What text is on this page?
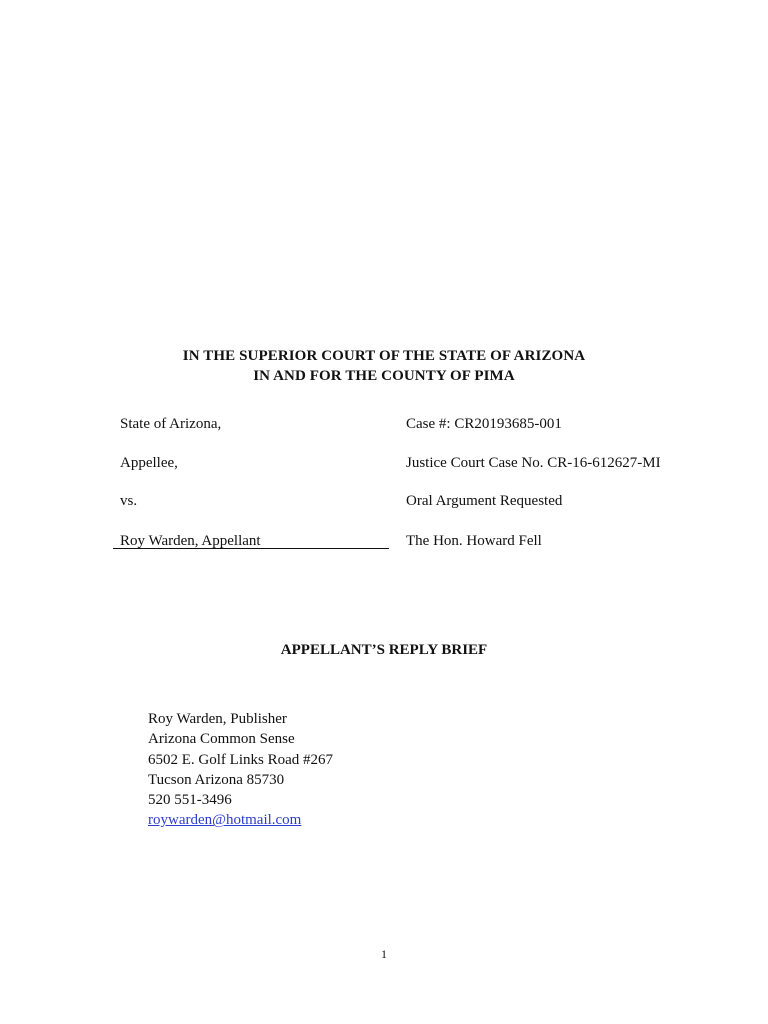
IN THE SUPERIOR COURT OF THE STATE OF ARIZONA
IN AND FOR THE COUNTY OF PIMA
State of Arizona,
Appellee,
vs.
Roy Warden, Appellant
Case #: CR20193685-001
Justice Court Case No. CR-16-612627-MI
Oral Argument Requested
The Hon. Howard Fell
APPELLANT’S REPLY BRIEF
Roy Warden, Publisher
Arizona Common Sense
6502 E. Golf Links Road #267
Tucson Arizona 85730
520 551-3496
roywarden@hotmail.com
1
